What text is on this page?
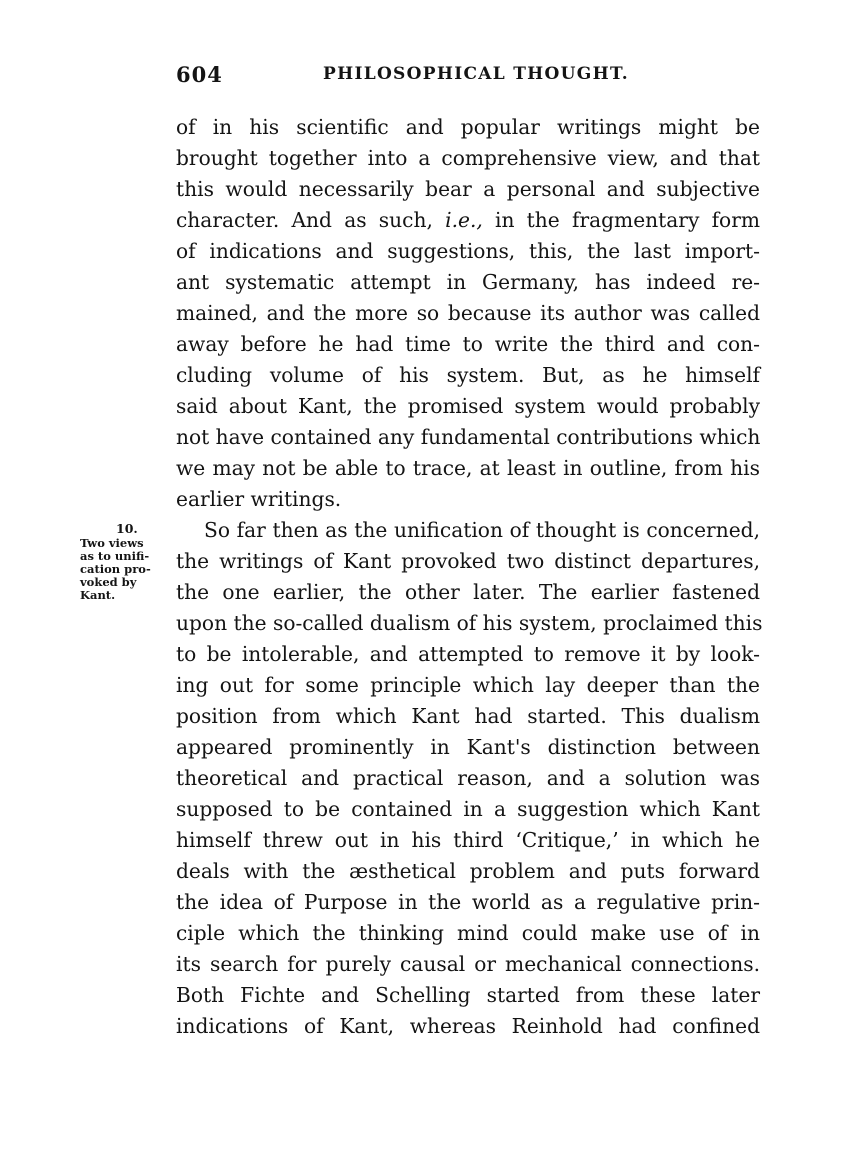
604	PHILOSOPHICAL THOUGHT.
10.
Two views
as to unifi-
cation pro-
voked by
Kant.
of in his scientific and popular writings might be
brought together into a comprehensive view, and that
this would necessarily bear a personal and subjective
character. And as such, i.e., in the fragmentary form
of indications and suggestions, this, the last import-
ant systematic attempt in Germany, has indeed re-
mained, and the more so because its author was called
away before he had time to write the third and con-
cluding volume of his system. But, as he himself
said about Kant, the promised system would probably
not have contained any fundamental contributions which
we may not be able to trace, at least in outline, from his
earlier writings.
So far then as the unification of thought is concerned,
the writings of Kant provoked two distinct departures,
the one earlier, the other later. The earlier fastened
upon the so-called dualism of his system, proclaimed this
to be intolerable, and attempted to remove it by look-
ing out for some principle which lay deeper than the
position from which Kant had started. This dualism
appeared prominently in Kant's distinction between
theoretical and practical reason, and a solution was
supposed to be contained in a suggestion which Kant
himself threw out in his third ‘Critique,’ in which he
deals with the æsthetical problem and puts forward
the idea of Purpose in the world as a regulative prin-
ciple which the thinking mind could make use of in
its search for purely causal or mechanical connections.
Both Fichte and Schelling started from these later
indications of Kant, whereas Reinhold had confined
